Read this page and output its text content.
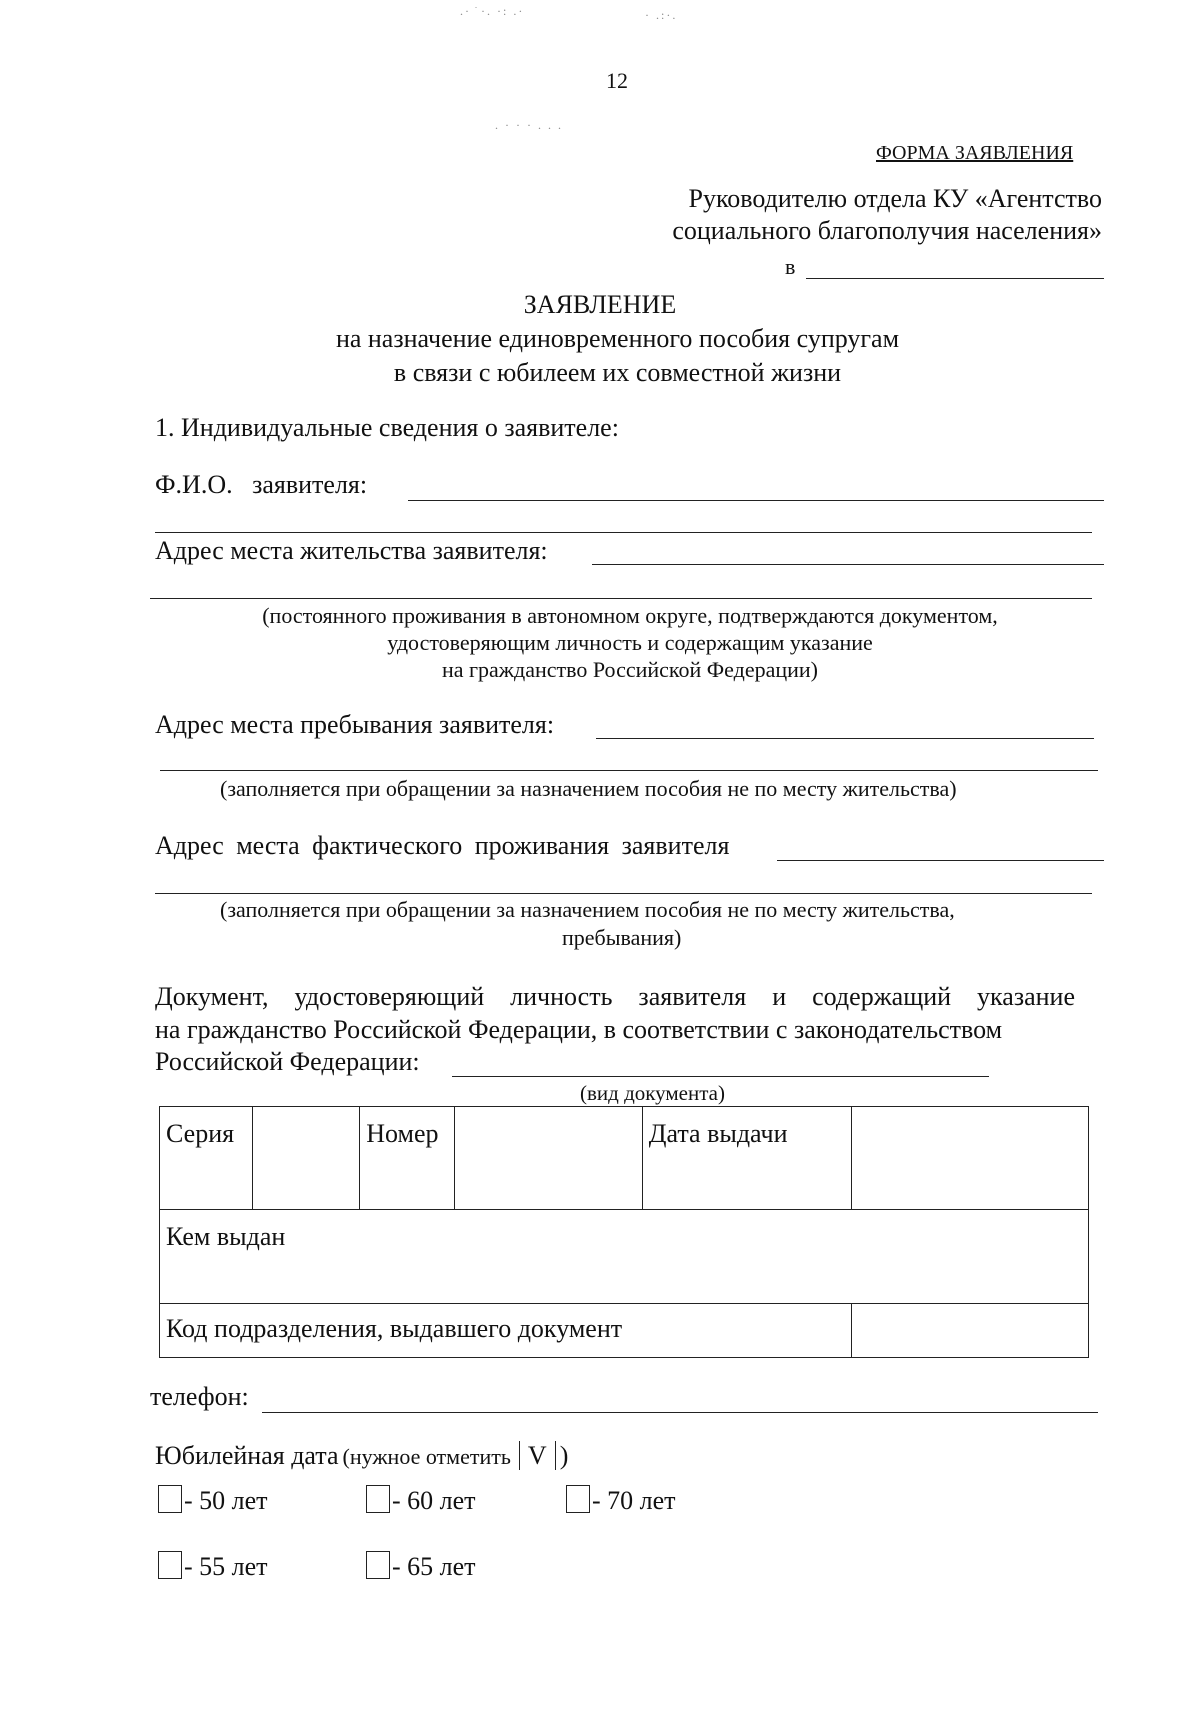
.· ͘ ·. ·: .·	· .:·.
. · · · . . .
12
ФОРМА ЗАЯВЛЕНИЯ
Руководителю отдела КУ «Агентство
социального благополучия населения»
в
ЗАЯВЛЕНИЕ
на назначение единовременного пособия супругам
в связи с юбилеем их совместной жизни
1. Индивидуальные сведения о заявителе:
Ф.И.О.   заявителя:
Адрес места жительства заявителя:
(постоянного проживания в автономном округе, подтверждаются документом,
удостоверяющим личность и содержащим указание
на гражданство Российской Федерации)
Адрес места пребывания заявителя:
(заполняется при обращении за назначением пособия не по месту жительства)
Адрес места фактического проживания заявителя
(заполняется при обращении за назначением пособия не по месту жительства,
пребывания)
Документ, удостоверяющий личность заявителя и содержащий указание
на гражданство Российской Федерации, в соответствии с законодательством
Российской Федерации:
(вид документа)
Серия		Номер		Дата выдачи	
Кем выдан					
Код подразделения, выдавшего документ					
телефон:
Юбилейная дата (нужное отметить V )
- 50 лет	- 60 лет	- 70 лет
- 55 лет	- 65 лет
